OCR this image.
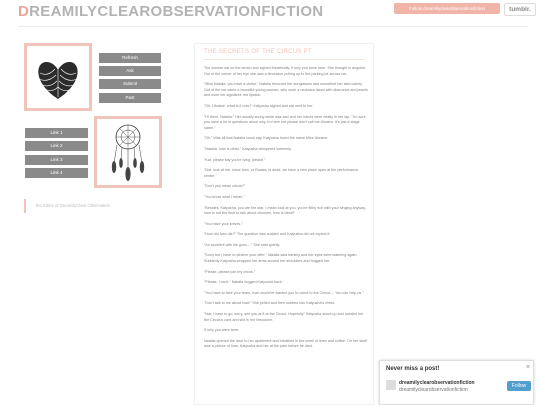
DREAMILYCLEAROBSERVATIONFICTION	Follow dreamilyclearobservationfiction	tumblr.
Refresh
Ask
Submit
Past
Link 1
Link 2
Link 3
Link 4
the Editor of DreamilyClear Observation
THE SECRETS OF THE CIRCUS PT

The woman sat on the bench and sighed theatrically. If only you were here. She thought in anguish. Out of the corner of her eye she saw a limousine pulling up to the parking lot across her.

"Miss Natalia, you have a visitor," Natalia removed her sunglasses and smoothed her skirt calmly. Out of the car came a beautiful young woman, who wore a necklace laced with diamonds and jewels and wore her signature red lipstick.

"Oh, Ukraine, what is it now?" Katyusha sighed and sat next to her.

"Hi there, Natalia." Her usually sunny smile was sad and her hands were neatly in her lap. "I'm sure you have a lot of questions about why I'm here but please don't call me Ukraine, it's just a stage name."

"Ok." Was all that Natalia could say. Katyusha loved the name Miss Ukraine.

"Natalia, Ivan is dead." Katyusha whispered solemnly.

"Kat, please say you're lying, please."

"Nat, look at me, since Ivan, or Russia, is dead, we have a new place open at the performance center."

"Don't you mean circus?"

"You know what I mean."

"Besides, Katyusha, you are the star, I mean look at you, you're filthy rich with your singing anyway, now to not the time to talk about circuses, Ivan is dead!"

"You have your knives."

"How did Ivan die?" The question was sudden and Katyusha did not expect it.

"An accident with his guns...." She said quietly.

"Sorry but I have to decline your offer." Natalia said harshly and her eyes were watering again. Suddenly Katyusha wrapped her arms around her shoulders and hugged her.

"Please, please join my circus."

"Please, I can't." Natalia hugged Katyusha back.

"You have to face your fears, Ivan would've wanted you to come to the Circus.... You can help us."

"Don't talk to me about Ivan!" She yelled and then sobbed into Katyusha's chest.

"Nat, I have to go, sorry, see you at 8 at the Circus. Hopefully" Katyusha stood up and handed her the Circus's card and slid in her limousine.

If only you were here.

Natalia opened the door to her apartment and breathed in the smell of linen and coffee. On her shelf was a picture of Ivan, Katyusha and her at the park before he died.

Never miss a post!	×
dreamilyclearobservationfiction
dreamilyclearobservationfiction
Follow
